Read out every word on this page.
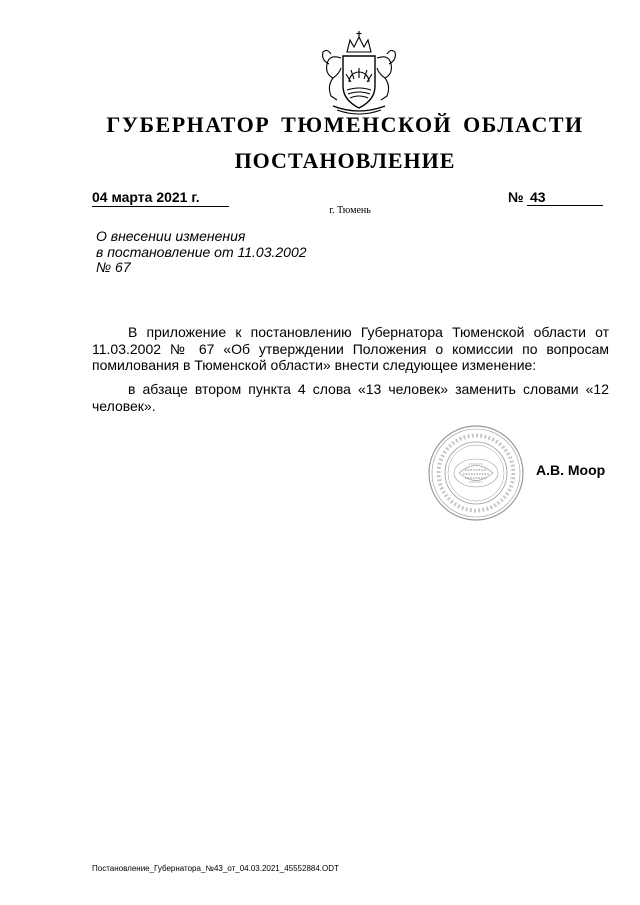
ГУБЕРНАТОР ТЮМЕНСКОЙ ОБЛАСТИ
ПОСТАНОВЛЕНИЕ
04 марта 2021 г.	№ 43
г. Тюмень
О внесении изменения
в постановление от 11.03.2002
№ 67
В приложение к постановлению Губернатора Тюменской области от 11.03.2002 № 67 «Об утверждении Положения о комиссии по вопросам помилования в Тюменской области» внести следующее изменение:
в абзаце втором пункта 4 слова «13 человек» заменить словами «12 человек».
А.В. Моор
Постановление_Губернатора_№43_от_04.03.2021_45552884.ODT
